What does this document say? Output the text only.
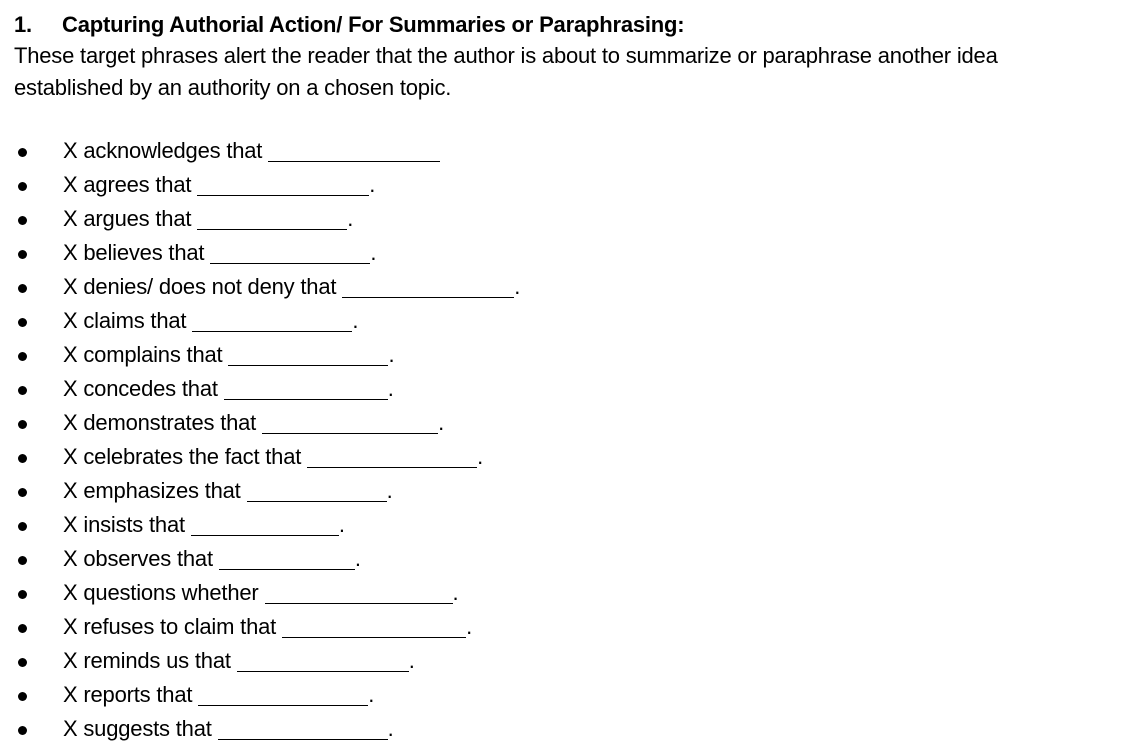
1. Capturing Authorial Action/ For Summaries or Paraphrasing:
These target phrases alert the reader that the author is about to summarize or paraphrase another idea
established by an authority on a chosen topic.
X acknowledges that
X agrees that	.
X argues that	.
X believes that	.
X denies/ does not deny that	.
X claims that	.
X complains that	.
X concedes that	.
X demonstrates that	.
X celebrates the fact that	.
X emphasizes that	.
X insists that	.
X observes that	.
X questions whether	.
X refuses to claim that	.
X reminds us that	.
X reports that	.
X suggests that	.
